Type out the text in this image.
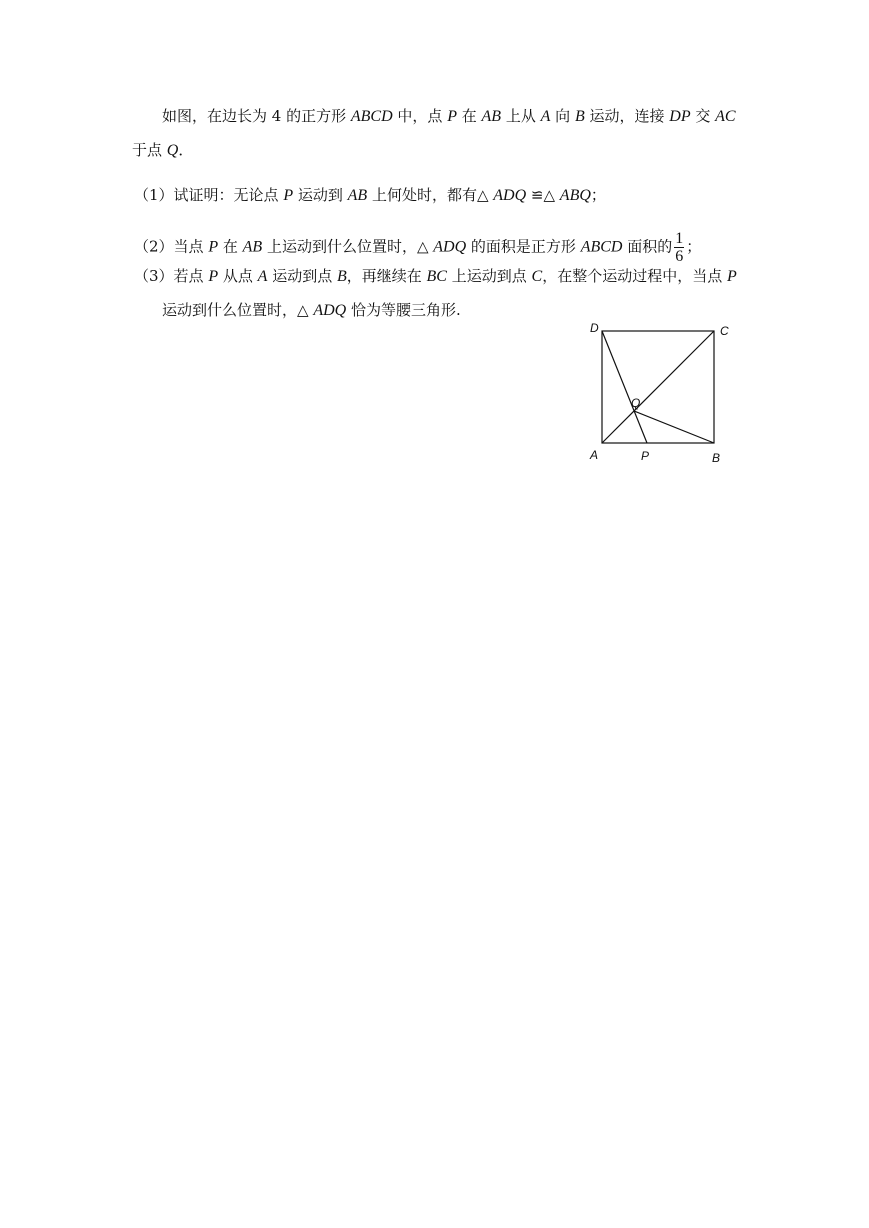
如图，在边长为 4 的正方形 ABCD 中，点 P 在 AB 上从 A 向 B 运动，连接 DP 交 AC
于点 Q．
（1）试证明：无论点 P 运动到 AB 上何处时，都有△ ADQ ≌△ ABQ；
（2）当点 P 在 AB 上运动到什么位置时，△ ADQ 的面积是正方形 ABCD 面积的 $\frac{1}{6}$ ；
（3）若点 P 从点 A 运动到点 B，再继续在 BC 上运动到点 C，在整个运动过程中，当点 P
运动到什么位置时，△ ADQ 恰为等腰三角形.
D	C
Q
A	P	B
